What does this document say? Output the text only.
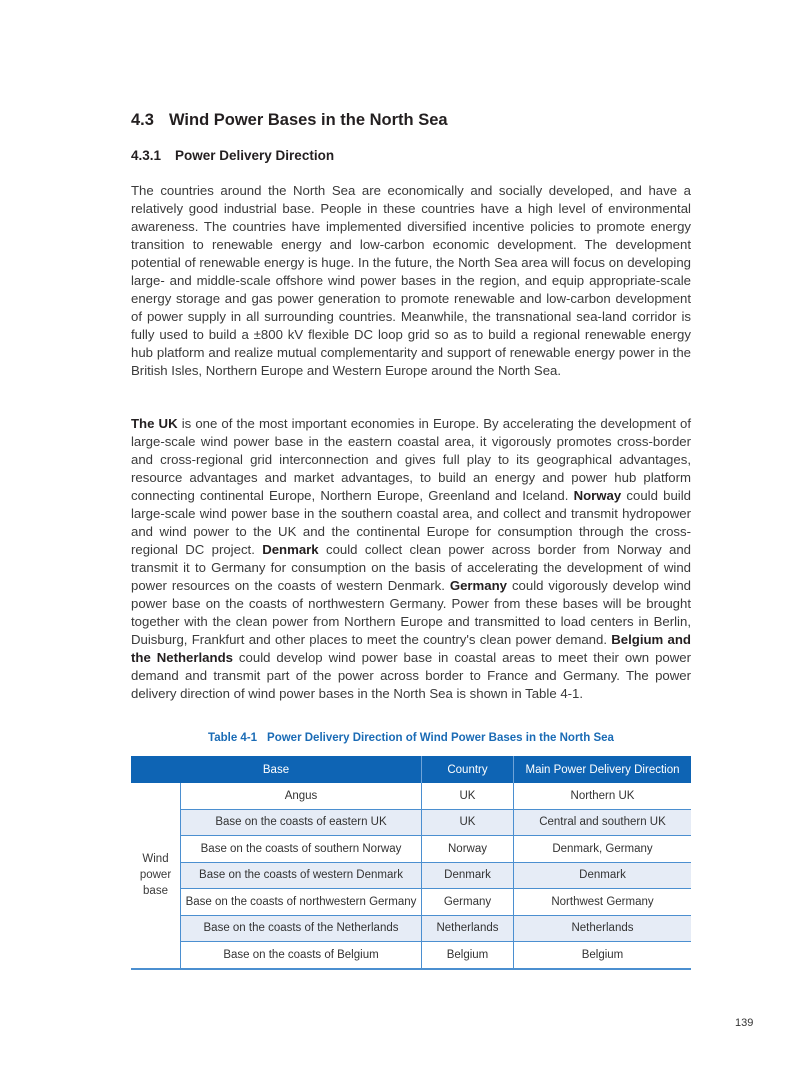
4.3 Wind Power Bases in the North Sea
4.3.1 Power Delivery Direction

The countries around the North Sea are economically and socially developed, and have a relatively good industrial base. People in these countries have a high level of environmental awareness. The countries have implemented diversified incentive policies to promote energy transition to renewable energy and low-carbon economic development. The development potential of renewable energy is huge. In the future, the North Sea area will focus on developing large- and middle-scale offshore wind power bases in the region, and equip appropriate-scale energy storage and gas power generation to promote renewable and low-carbon development of power supply in all surrounding countries. Meanwhile, the transnational sea-land corridor is fully used to build a ±800 kV flexible DC loop grid so as to build a regional renewable energy hub platform and realize mutual complementarity and support of renewable energy power in the British Isles, Northern Europe and Western Europe around the North Sea.

The UK is one of the most important economies in Europe. By accelerating the development of large-scale wind power base in the eastern coastal area, it vigorously promotes cross-border and cross-regional grid interconnection and gives full play to its geographical advantages, resource advantages and market advantages, to build an energy and power hub platform connecting continental Europe, Northern Europe, Greenland and Iceland. Norway could build large-scale wind power base in the southern coastal area, and collect and transmit hydropower and wind power to the UK and the continental Europe for consumption through the cross-regional DC project. Denmark could collect clean power across border from Norway and transmit it to Germany for consumption on the basis of accelerating the development of wind power resources on the coasts of western Denmark. Germany could vigorously develop wind power base on the coasts of northwestern Germany. Power from these bases will be brought together with the clean power from Northern Europe and transmitted to load centers in Berlin, Duisburg, Frankfurt and other places to meet the country's clean power demand. Belgium and the Netherlands could develop wind power base in coastal areas to meet their own power demand and transmit part of the power across border to France and Germany. The power delivery direction of wind power bases in the North Sea is shown in Table 4-1.

Table 4-1 Power Delivery Direction of Wind Power Bases in the North Sea
Base		Country	Main Power Delivery Direction
Wind power base	Angus	UK	Northern UK
	Base on the coasts of eastern UK	UK	Central and southern UK
	Base on the coasts of southern Norway	Norway	Denmark, Germany
	Base on the coasts of western Denmark	Denmark	Denmark
	Base on the coasts of northwestern Germany	Germany	Northwest Germany
	Base on the coasts of the Netherlands	Netherlands	Netherlands
	Base on the coasts of Belgium	Belgium	Belgium
139
